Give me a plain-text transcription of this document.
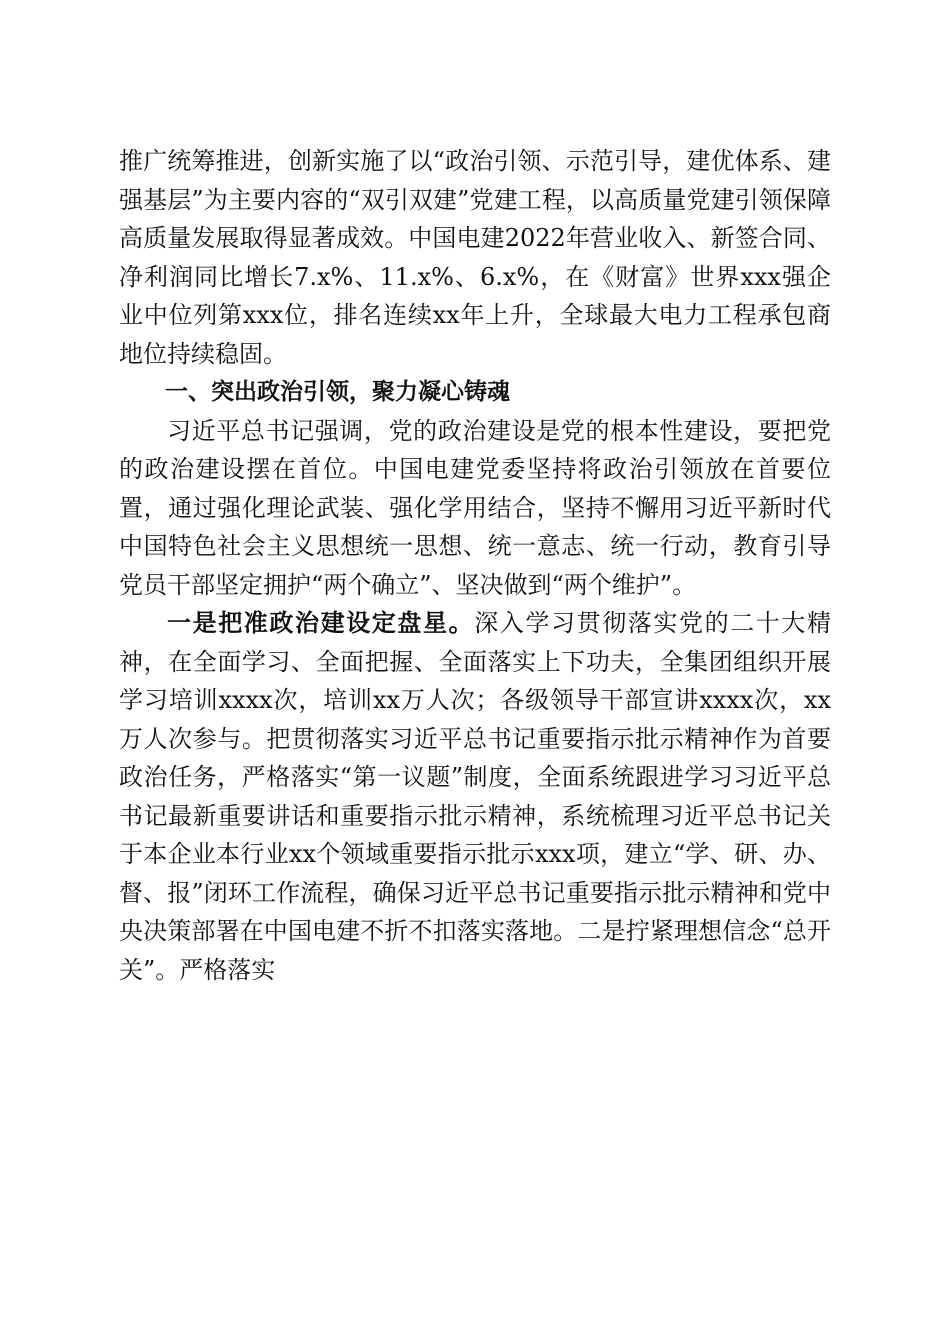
推广统筹推进，创新实施了以“政治引领、示范引导，建优体系、建强基层”为主要内容的“双引双建”党建工程，以高质量党建引领保障高质量发展取得显著成效。中国电建2022年营业收入、新签合同、净利润同比增长7.x%、11.x%、6.x%，在《财富》世界xxx强企业中位列第xxx位，排名连续xx年上升，全球最大电力工程承包商地位持续稳固。

一、突出政治引领，聚力凝心铸魂

习近平总书记强调，党的政治建设是党的根本性建设，要把党的政治建设摆在首位。中国电建党委坚持将政治引领放在首要位置，通过强化理论武装、强化学用结合，坚持不懈用习近平新时代中国特色社会主义思想统一思想、统一意志、统一行动，教育引导党员干部坚定拥护“两个确立”、坚决做到“两个维护”。

一是把准政治建设定盘星。深入学习贯彻落实党的二十大精神，在全面学习、全面把握、全面落实上下功夫，全集团组织开展学习培训xxxx次，培训xx万人次；各级领导干部宣讲xxxx次，xx万人次参与。把贯彻落实习近平总书记重要指示批示精神作为首要政治任务，严格落实“第一议题”制度，全面系统跟进学习习近平总书记最新重要讲话和重要指示批示精神，系统梳理习近平总书记关于本企业本行业xx个领域重要指示批示xxx项，建立“学、研、办、督、报”闭环工作流程，确保习近平总书记重要指示批示精神和党中央决策部署在中国电建不折不扣落实落地。二是拧紧理想信念“总开关”。严格落实
